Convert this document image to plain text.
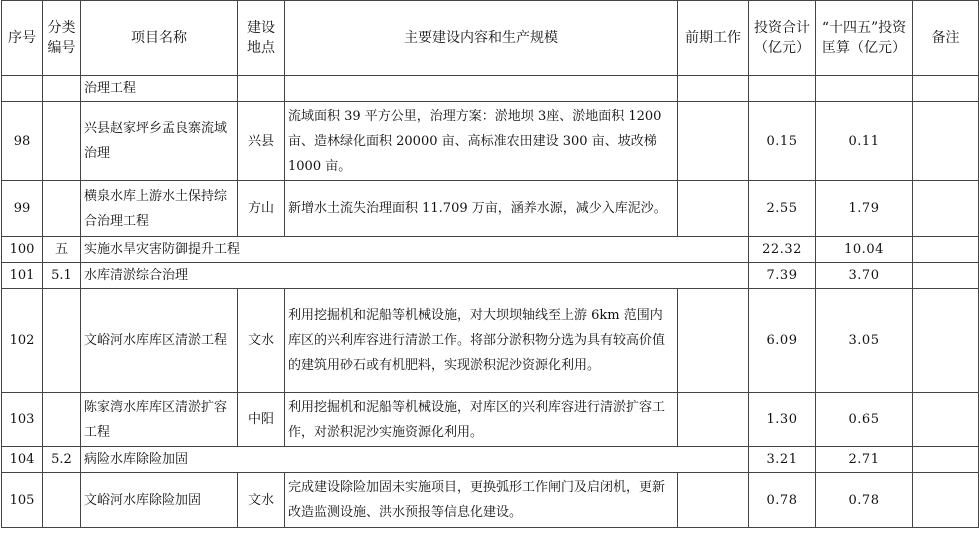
序号	分类编号	项目名称	建设地点	主要建设内容和生产规模	前期工作	投资合计（亿元）	“十四五”投资匡算（亿元）	备注
		治理工程						
98		兴县赵家坪乡孟良寨流域治理	兴县	流域面积 39 平方公里，治理方案：淤地坝 3座、淤地面积 1200 亩、造林绿化面积 20000 亩、高标准农田建设 300 亩、坡改梯 1000 亩。		0.15	0.11	
99		横泉水库上游水土保持综合治理工程	方山	新增水土流失治理面积 11.709 万亩，涵养水源，减少入库泥沙。		2.55	1.79	
100	五	实施水旱灾害防御提升工程				22.32	10.04	
101	5.1	水库清淤综合治理				7.39	3.70	
102		文峪河水库库区清淤工程	文水	利用挖掘机和泥船等机械设施，对大坝坝轴线至上游 6km 范围内库区的兴利库容进行清淤工作。将部分淤积物分选为具有较高价值的建筑用砂石或有机肥料，实现淤积泥沙资源化利用。		6.09	3.05	
103		陈家湾水库库区清淤扩容工程	中阳	利用挖掘机和泥船等机械设施，对库区的兴利库容进行清淤扩容工作，对淤积泥沙实施资源化利用。		1.30	0.65	
104	5.2	病险水库除险加固				3.21	2.71	
105		文峪河水库除险加固	文水	完成建设除险加固未实施项目，更换弧形工作闸门及启闭机，更新改造监测设施、洪水预报等信息化建设。		0.78	0.78	
